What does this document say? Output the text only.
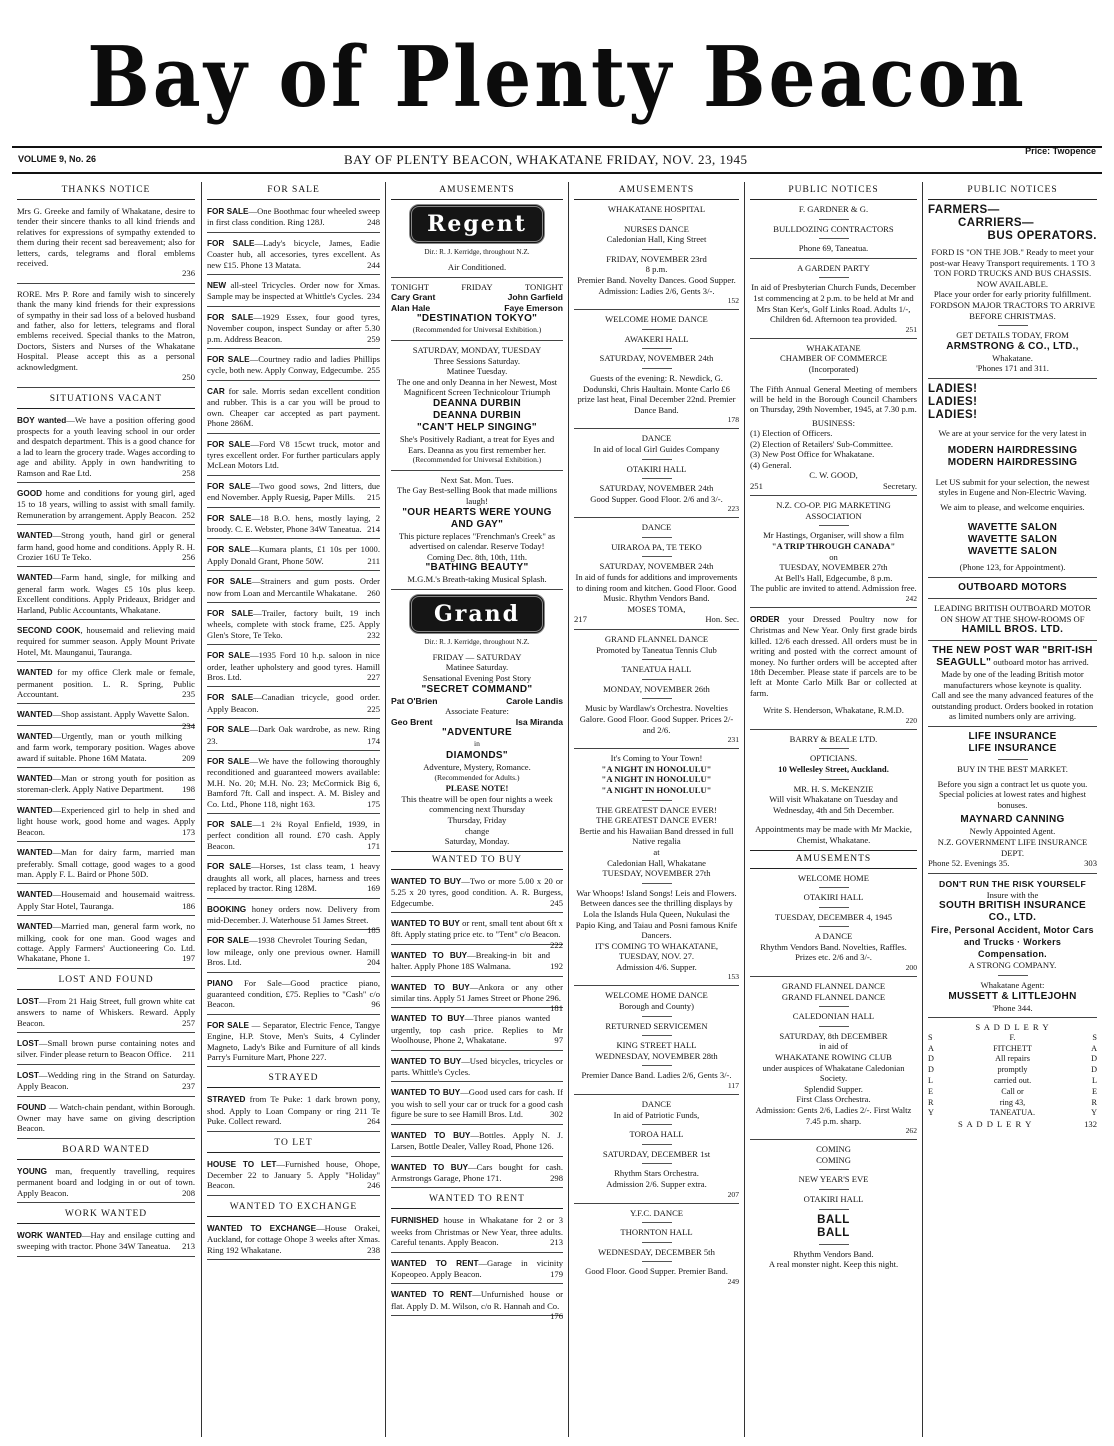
Bay of Plenty Beacon
VOLUME 9, No. 26	BAY OF PLENTY BEACON, WHAKATANE FRIDAY, NOV. 23, 1945
Price: Twopence
THANKS NOTICE
Mrs G. Greeke and family of Whakatane, desire to tender their sincere thanks to all kind friends and relatives for expressions of sympathy extended to them during their recent sad bereavement; also for letters, cards, telegrams and floral emblems received.
236
RORE. Mrs P. Rore and family wish to sincerely thank the many kind friends for their expressions of sympathy in their sad loss of a beloved husband and father, also for letters, telegrams and floral emblems received. Special thanks to the Matron, Doctors, Sisters and Nurses of the Whakatane Hospital. Please accept this as a personal acknowledgment.
250
SITUATIONS VACANT
BOY wanted—We have a position offering good prospects for a youth leaving school in our order and despatch department. This is a good chance for a lad to learn the grocery trade. Wages according to age and ability. Apply in own handwriting to Ramson and Rae Ltd.	258
GOOD home and conditions for young girl, aged 15 to 18 years, willing to assist with small family. Remuneration by arrangement. Apply Beacon. 252
WANTED—Strong youth, hand girl or general farm hand, good home and conditions. Apply R. H. Crozier 16U Te Teko.	256
WANTED—Farm hand, single, for milking and general farm work. Wages £5 10s plus keep. Excellent conditions. Apply Prideaux, Bridger and Harland, Public Accountants, Whakatane.
SECOND COOK, housemaid and relieving maid required for summer season. Apply Mount Private Hotel, Mt. Maunganui, Tauranga.
WANTED for my office Clerk male or female, permanent position. L. R. Spring, Public Accountant.	235
WANTED—Shop assistant. Apply Wavette Salon.
234
WANTED—Urgently, man or youth milking and farm work, temporary position. Wages above award if suitable. Phone 16M Matata.	209
WANTED—Man or strong youth for position as storeman-clerk. Apply Native Department. 198
WANTED—Experienced girl to help in shed and light house work, good home and wages. Apply Beacon.	173
WANTED—Man for dairy farm, married man preferably. Small cottage, good wages to a good man. Apply F. L. Baird or Phone 50D.
WANTED—Housemaid and housemaid waitress. Apply Star Hotel, Tauranga.	186
WANTED—Married man, general farm work, no milking, cook for one man. Good wages and cottage. Apply Farmers' Auctioneering Co. Ltd. Whakatane, Phone 1.	197
LOST AND FOUND
LOST—From 21 Haig Street, full grown white cat answers to name of Whiskers. Reward. Apply Beacon.	257
LOST—Small brown purse containing notes and silver. Finder please return to Beacon Office. 211
LOST—Wedding ring in the Strand on Saturday. Apply Beacon.	237
FOUND — Watch-chain pendant, within Borough. Owner may have same on giving description Beacon.
BOARD WANTED
YOUNG man, frequently travelling, requires permanent board and lodging in or out of town. Apply Beacon.	208
WORK WANTED
WORK WANTED—Hay and ensilage cutting and sweeping with tractor. Phone 34W Taneatua. 213
FOR SALE
FOR SALE—One Boothmac four wheeled sweep in first class condition. Ring 128J.	248
FOR SALE—Lady's bicycle, James, Eadie Coaster hub, all accesories, tyres excellent. As new £15. Phone 13 Matata.	244
NEW all-steel Tricycles. Order now for Xmas. Sample may be inspected at Whittle's Cycles. 234
FOR SALE—1929 Essex, four good tyres, November coupon, inspect Sunday or after 5.30 p.m. Address Beacon.	259
FOR SALE—Courtney radio and ladies Phillips cycle, both new. Apply Conway, Edgecumbe. 255
CAR for sale. Morris sedan excellent condition and rubber. This is a car you will be proud to own. Cheaper car accepted as part payment. Phone 286M.
FOR SALE—Ford V8 15cwt truck, motor and tyres excellent order. For further particulars apply McLean Motors Ltd.
FOR SALE—Two good sows, 2nd litters, due end November. Apply Ruesig, Paper Mills. 215
FOR SALE—18 B.O. hens, mostly laying, 2 broody. C. E. Webster, Phone 34W Taneatua. 214
FOR SALE—Kumara plants, £1 10s per 1000. Apply Donald Grant, Phone 50W.	211
FOR SALE—Strainers and gum posts. Order now from Loan and Mercantile Whakatane. 260
FOR SALE—Trailer, factory built, 19 inch wheels, complete with stock frame, £25. Apply Glen's Store, Te Teko.	232
FOR SALE—1935 Ford 10 h.p. saloon in nice order, leather upholstery and good tyres. Hamill Bros. Ltd.	227
FOR SALE—Canadian tricycle, good order. Apply Beacon.	225
FOR SALE—Dark Oak wardrobe, as new. Ring 23.	174
FOR SALE—We have the following thoroughly reconditioned and guaranteed mowers available: M.H. No. 20; M.H. No. 23; McCormick Big 6, Bamford 7ft. Call and inspect. A. M. Bisley and Co. Ltd., Phone 118, night 163.	175
FOR SALE—1 2¾ Royal Enfield, 1939, in perfect condition all round. £70 cash. Apply Beacon.	171
FOR SALE—Horses, 1st class team, 1 heavy draughts all work, all places, harness and trees replaced by tractor. Ring 128M.	169
BOOKING honey orders now. Delivery from mid-December. J. Waterhouse 51 James Street.
185
FOR SALE—1938 Chevrolet Touring Sedan, low mileage, only one previous owner. Hamill Bros. Ltd.	204
PIANO For Sale—Good practice piano, guaranteed condition, £75. Replies to "Cash" c/o Beacon.	96
FOR SALE — Separator, Electric Fence, Tangye Engine, H.P. Stove, Men's Suits, 4 Cylinder Magneto, Lady's Bike and Furniture of all kinds Parry's Furniture Mart, Phone 227.
STRAYED
STRAYED from Te Puke: 1 dark brown pony, shod. Apply to Loan Company or ring 211 Te Puke. Collect reward.	264
TO LET
HOUSE TO LET—Furnished house, Ohope, December 22 to January 5. Apply "Holiday" Beacon.	246
WANTED TO EXCHANGE
WANTED TO EXCHANGE—House Orakei, Auckland, for cottage Ohope 3 weeks after Xmas. Ring 192 Whakatane.	238
AMUSEMENTS
Regent
Dir.: R. J. Kerridge, throughout N.Z.
Air Conditioned.
TONIGHT	FRIDAY	TONIGHT
Cary Grant	John Garfield
Alan Hale	Faye Emerson
"DESTINATION TOKYO"
(Recommended for Universal Exhibition.)
SATURDAY, MONDAY, TUESDAY
Three Sessions Saturday.
Matinee Tuesday.
The one and only Deanna in her Newest, Most Magnificent Screen Technicolour Triumph
DEANNA DURBIN
DEANNA DURBIN
"CAN'T HELP SINGING"
She's Positively Radiant, a treat for Eyes and Ears. Deanna as you first remember her.
(Recommended for Universal Exhibition.)
Next Sat. Mon. Tues.
The Gay Best-selling Book that made millions laugh!
"OUR HEARTS WERE YOUNG AND GAY"
This picture replaces "Frenchman's Creek" as advertised on calendar. Reserve Today!
Coming Dec. 8th, 10th, 11th.
"BATHING BEAUTY"
M.G.M.'s Breath-taking Musical Splash.
Grand
Dir.: R. J. Kerridge, throughout N.Z.
FRIDAY — SATURDAY
Matinee Saturday.
Sensational Evening Post Story
"SECRET COMMAND"
Pat O'Brien	Carole Landis
Associate Feature:
Geo Brent	Isa Miranda
"ADVENTURE
in
DIAMONDS"
Adventure, Mystery, Romance.
(Recommended for Adults.)
PLEASE NOTE!
This theatre will be open four nights a week commencing next Thursday
Thursday, Friday
change
Saturday, Monday.
WANTED TO BUY
WANTED TO BUY—Two or more 5.00 x 20 or 5.25 x 20 tyres, good condition. A. R. Burgess, Edgecumbe.	245
WANTED TO BUY or rent, small tent about 6ft x 8ft. Apply stating price etc. to "Tent" c/o Beacon.
222
WANTED TO BUY—Breaking-in bit and halter. Apply Phone 18S Walmana.	192
WANTED TO BUY—Ankora or any other similar tins. Apply 51 James Street or Phone 296.
181
WANTED TO BUY—Three pianos wanted urgently, top cash price. Replies to Mr Woolhouse, Phone 2, Whakatane.	97
WANTED TO BUY—Used bicycles, tricycles or parts. Whittle's Cycles.
WANTED TO BUY—Good used cars for cash. If you wish to sell your car or truck for a good cash figure be sure to see Hamill Bros. Ltd.	302
WANTED TO BUY—Bottles. Apply N. J. Larsen, Bottle Dealer, Valley Road, Phone 126.
WANTED TO BUY—Cars bought for cash. Armstrongs Garage, Phone 171.	298
WANTED TO RENT
FURNISHED house in Whakatane for 2 or 3 weeks from Christmas or New Year, three adults. Careful tenants. Apply Beacon.	213
WANTED TO RENT—Garage in vicinity Kopeopeo. Apply Beacon.	179
WANTED TO RENT—Unfurnished house or flat. Apply D. M. Wilson, c/o R. Hannah and Co.
176
AMUSEMENTS
WHAKATANE HOSPITAL
NURSES DANCE
Caledonian Hall, King Street
FRIDAY, NOVEMBER 23rd
8 p.m.
Premier Band. Novelty Dances. Good Supper. Admission: Ladies 2/6, Gents 3/-.
152
WELCOME HOME DANCE
AWAKERI HALL
SATURDAY, NOVEMBER 24th
Guests of the evening: R. Newdick, G. Dodunski, Chris Haultain. Monte Carlo £6 prize last heat, Final December 22nd. Premier Dance Band.
178
DANCE
In aid of local Girl Guides Company
OTAKIRI HALL
SATURDAY, NOVEMBER 24th
Good Supper. Good Floor. 2/6 and 3/-.
223
DANCE
UIRAROA PA, TE TEKO
SATURDAY, NOVEMBER 24th
In aid of funds for additions and improvements to dining room and kitchen. Good Floor. Good Music. Rhythm Vendors Band.
MOSES TOMA,
217	Hon. Sec.
GRAND FLANNEL DANCE
Promoted by Taneatua Tennis Club
TANEATUA HALL
MONDAY, NOVEMBER 26th
Music by Wardlaw's Orchestra. Novelties Galore. Good Floor. Good Supper. Prices 2/- and 2/6.
231
It's Coming to Your Town!
"A NIGHT IN HONOLULU"
"A NIGHT IN HONOLULU"
"A NIGHT IN HONOLULU"
THE GREATEST DANCE EVER!
THE GREATEST DANCE EVER!
Bertie and his Hawaiian Band dressed in full Native regalia
at
Caledonian Hall, Whakatane
TUESDAY, NOVEMBER 27th
War Whoops! Island Songs! Leis and Flowers.
Between dances see the thrilling displays by Lola the Islands Hula Queen, Nukulasi the Papio King, and Taiau and Posni famous Knife Dancers.
IT'S COMING TO WHAKATANE,
TUESDAY, NOV. 27.
Admission 4/6. Supper.
153
WELCOME HOME DANCE
Borough and County)
RETURNED SERVICEMEN
KING STREET HALL
WEDNESDAY, NOVEMBER 28th
Premier Dance Band. Ladies 2/6, Gents 3/-.
117
DANCE
In aid of Patriotic Funds,
TOROA HALL
SATURDAY, DECEMBER 1st
Rhythm Stars Orchestra.
Admission 2/6. Supper extra.
207
Y.F.C. DANCE
THORNTON HALL
WEDNESDAY, DECEMBER 5th
Good Floor. Good Supper. Premier Band.
249
PUBLIC NOTICES
F. GARDNER & G.
BULLDOZING CONTRACTORS
Phone 69, Taneatua.
A GARDEN PARTY
In aid of Presbyterian Church Funds, December 1st commencing at 2 p.m. to be held at Mr and Mrs Stan Ker's, Golf Links Road. Adults 1/-, Children 6d. Afternoon tea provided.
251
WHAKATANE
CHAMBER OF COMMERCE
(Incorporated)
The Fifth Annual General Meeting of members will be held in the Borough Council Chambers on Thursday, 29th November, 1945, at 7.30 p.m.
BUSINESS:
(1) Election of Officers.
(2) Election of Retailers' Sub-Committee.
(3) New Post Office for Whakatane.
(4) General.
C. W. GOOD,
251	Secretary.
N.Z. CO-OP. PIG MARKETING ASSOCIATION
Mr Hastings, Organiser, will show a film
"A TRIP THROUGH CANADA"
on
TUESDAY, NOVEMBER 27th
At Bell's Hall, Edgecumbe, 8 p.m.
The public are invited to attend. Admission free.
242
ORDER your Dressed Poultry now for Christmas and New Year. Only first grade birds killed. 12/6 each dressed. All orders must be in writing and posted with the correct amount of money. No further orders will be accepted after 18th December. Please state if parcels are to be left at Monte Carlo Milk Bar or collected at farm.
Write S. Henderson, Whakatane, R.M.D.
220
BARRY & BEALE LTD.
OPTICIANS.
10 Wellesley Street, Auckland.
MR. H. S. McKENZIE
Will visit Whakatane on Tuesday and Wednesday, 4th and 5th December.
Appointments may be made with Mr Mackie, Chemist, Whakatane.
AMUSEMENTS
WELCOME HOME
OTAKIRI HALL
TUESDAY, DECEMBER 4, 1945
A DANCE
Rhythm Vendors Band. Novelties, Raffles. Prizes etc. 2/6 and 3/-.
200
GRAND FLANNEL DANCE
GRAND FLANNEL DANCE
CALEDONIAN HALL
SATURDAY, 8th DECEMBER
in aid of
WHAKATANE ROWING CLUB
under auspices of Whakatane Caledonian Society.
Splendid Supper.
First Class Orchestra.
Admission: Gents 2/6, Ladies 2/-. First Waltz 7.45 p.m. sharp.
262
COMING
COMING
NEW YEAR'S EVE
OTAKIRI HALL
BALL
BALL
Rhythm Vendors Band.
A real monster night. Keep this night.
PUBLIC NOTICES
FARMERS—
CARRIERS—
BUS OPERATORS.
FORD IS "ON THE JOB." Ready to meet your post-war Heavy Transport requirements. 1 TO 3 TON FORD TRUCKS AND BUS CHASSIS.
NOW AVAILABLE.
Place your order for early priority fulfillment.
FORDSON MAJOR TRACTORS TO ARRIVE BEFORE CHRISTMAS.
GET DETAILS TODAY, FROM
ARMSTRONG & CO., LTD.,
Whakatane.
'Phones 171 and 311.
LADIES!
LADIES!
LADIES!
We are at your service for the very latest in
MODERN HAIRDRESSING
MODERN HAIRDRESSING
Let US submit for your selection, the newest styles in Eugene and Non-Electric Waving.
We aim to please, and welcome enquiries.
WAVETTE SALON
WAVETTE SALON
WAVETTE SALON
(Phone 123, for Appointment).
OUTBOARD MOTORS
LEADING BRITISH OUTBOARD MOTOR ON SHOW AT THE SHOW-ROOMS OF
HAMILL BROS. LTD.
THE NEW POST WAR "BRIT-ISH SEAGULL" outboard motor has arrived. Made by one of the leading British motor manufacturers whose keynote is quality.
Call and see the many advanced features of the outstanding product. Orders booked in rotation as limited numbers only are arriving.
LIFE INSURANCE
LIFE INSURANCE
BUY IN THE BEST MARKET.
Before you sign a contract let us quote you.
Special policies at lowest rates and highest bonuses.
MAYNARD CANNING
Newly Appointed Agent.
N.Z. GOVERNMENT LIFE INSURANCE DEPT.
Phone 52. Evenings 35.	303
DON'T RUN THE RISK YOURSELF
Insure with the
SOUTH BRITISH INSURANCE CO., LTD.
Fire, Personal Accident, Motor Cars and Trucks · Workers Compensation.
A STRONG COMPANY.
Whakatane Agent:
MUSSETT & LITTLEJOHN
'Phone 344.
S A D D L E R Y
S	F.	S
A	FITCHETT	A
D	All repairs	D
D	promptly	D
L	carried out.	L
E	Call or	E
R	ring 43,	R
Y	TANEATUA.	Y
S A D D L E R Y	132
